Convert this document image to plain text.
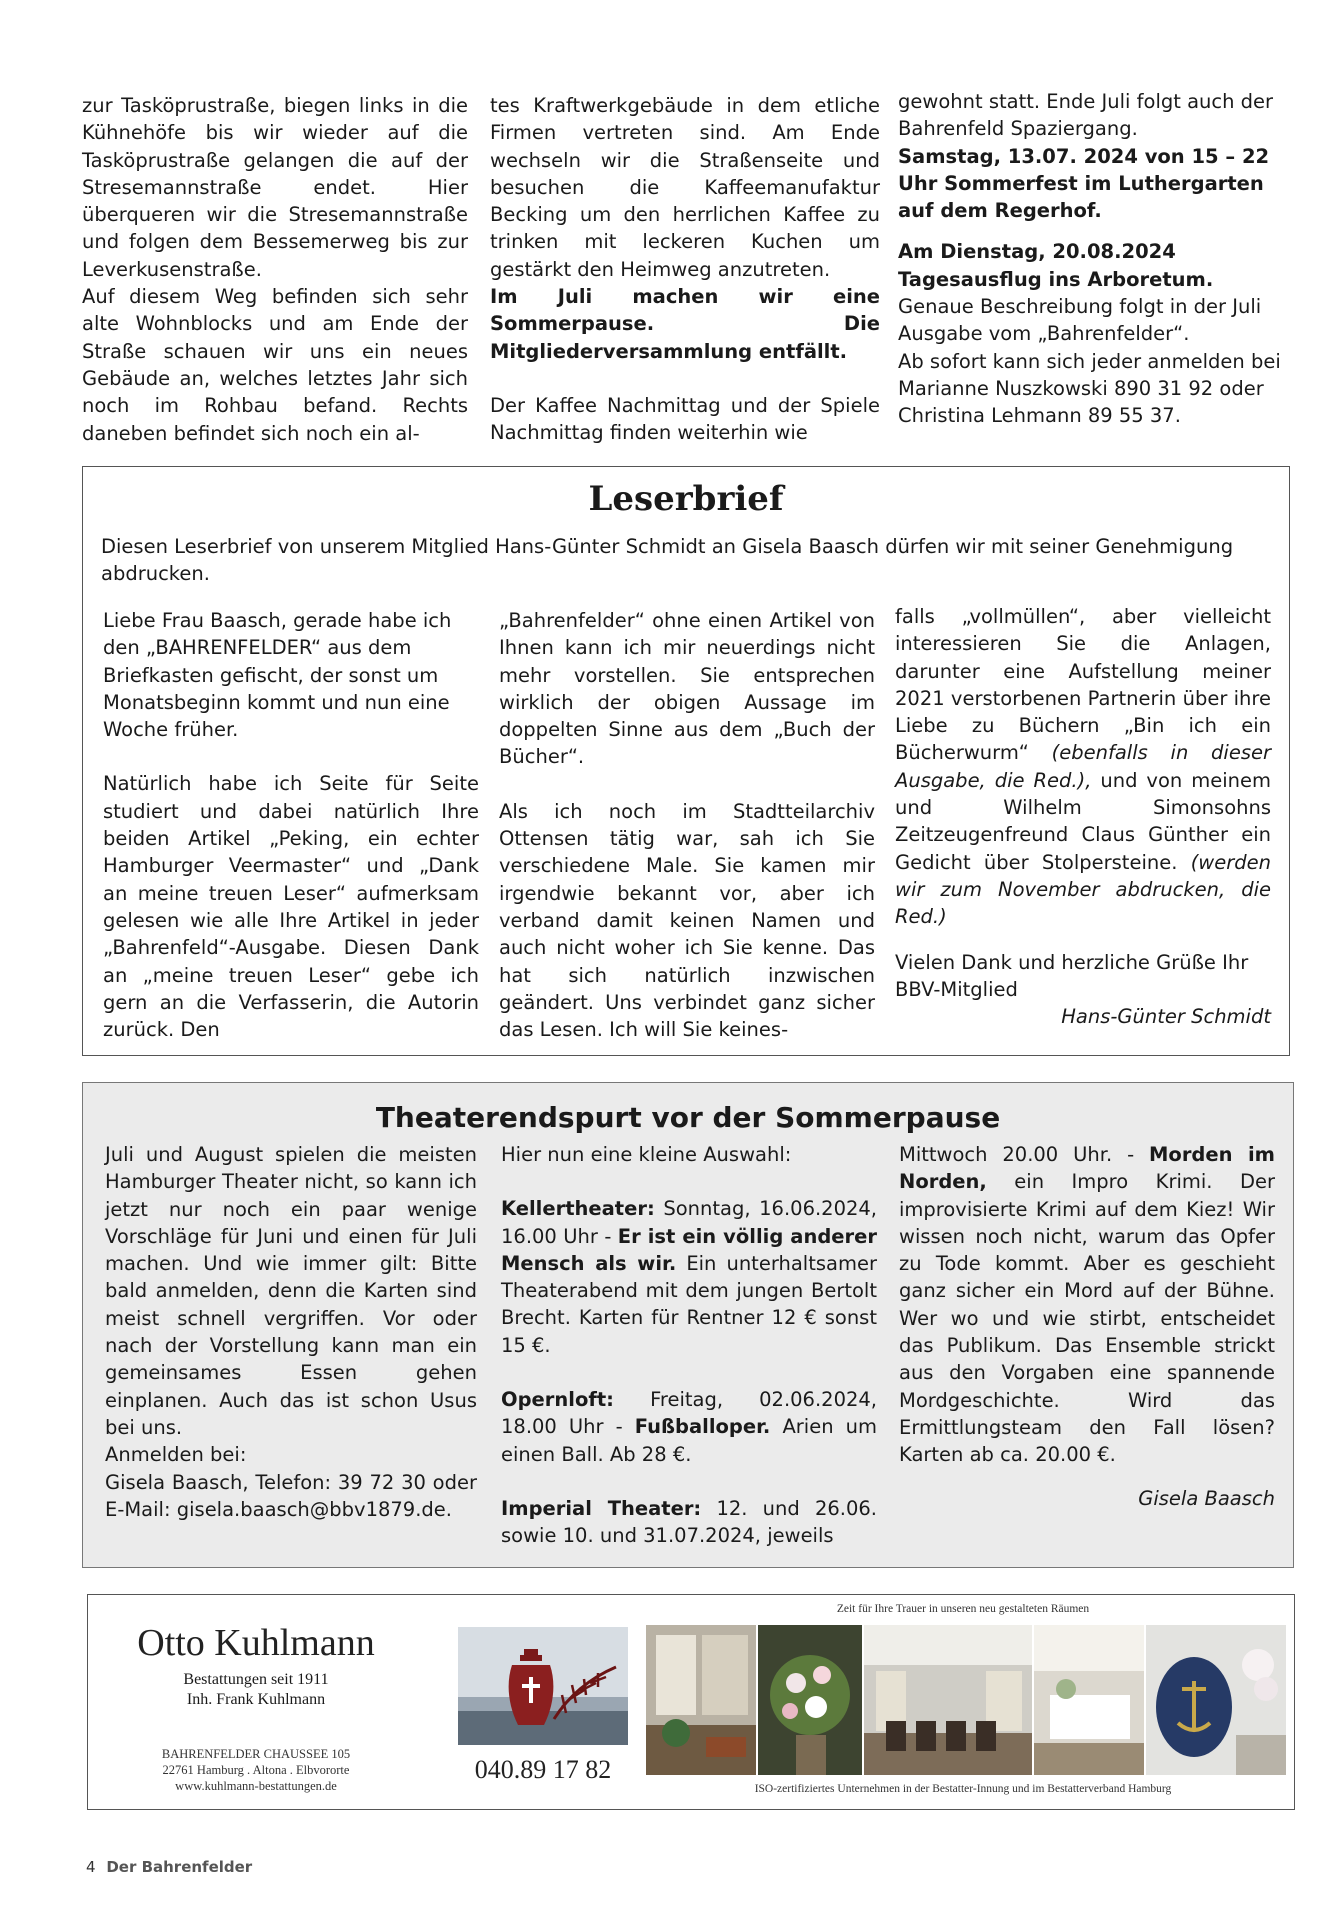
zur Tasköprustraße, biegen links in die Kühnehöfe bis wir wieder auf die Tasköprustraße gelangen die auf der Stresemannstraße endet. Hier überqueren wir die Stresemannstraße und folgen dem Bessemerweg bis zur Leverkusenstraße.

Auf diesem Weg befinden sich sehr alte Wohnblocks und am Ende der Straße schauen wir uns ein neues Gebäude an, welches letztes Jahr sich noch im Rohbau befand. Rechts daneben befindet sich noch ein al-

tes Kraftwerkgebäude in dem etliche Firmen vertreten sind. Am Ende wechseln wir die Straßenseite und besuchen die Kaffeemanufaktur Becking um den herrlichen Kaffee zu trinken mit leckeren Kuchen um gestärkt den Heimweg anzutreten.

Im Juli machen wir eine Sommerpause. Die Mitgliederversammlung entfällt.

Der Kaffee Nachmittag und der Spiele Nachmittag finden weiterhin wie

gewohnt statt. Ende Juli folgt auch der Bahrenfeld Spaziergang.

Samstag, 13.07. 2024 von 15 – 22 Uhr Sommerfest im Luthergarten auf dem Regerhof.

Am Dienstag, 20.08.2024 Tagesausflug ins Arboretum. Genaue Beschreibung folgt in der Juli Ausgabe vom „Bahrenfelder“.

Ab sofort kann sich jeder anmelden bei Marianne Nuszkowski 890 31 92 oder Christina Lehmann 89 55 37.

Leserbrief
Diesen Leserbrief von unserem Mitglied Hans-Günter Schmidt an Gisela Baasch dürfen wir mit seiner Genehmigung abdrucken.

Liebe Frau Baasch, gerade habe ich den „BAHRENFELDER“ aus dem Briefkasten gefischt, der sonst um Monatsbeginn kommt und nun eine Woche früher.

Natürlich habe ich Seite für Seite studiert und dabei natürlich Ihre beiden Artikel „Peking, ein echter Hamburger Veermaster“ und „Dank an meine treuen Leser“ aufmerksam gelesen wie alle Ihre Artikel in jeder „Bahrenfeld“-Ausgabe. Diesen Dank an „meine treuen Leser“ gebe ich gern an die Verfasserin, die Autorin zurück. Den

„Bahrenfelder“ ohne einen Artikel von Ihnen kann ich mir neuerdings nicht mehr vorstellen. Sie entsprechen wirklich der obigen Aussage im doppelten Sinne aus dem „Buch der Bücher“.

Als ich noch im Stadtteilarchiv Ottensen tätig war, sah ich Sie verschiedene Male. Sie kamen mir irgendwie bekannt vor, aber ich verband damit keinen Namen und auch nicht woher ich Sie kenne. Das hat sich natürlich inzwischen geändert. Uns verbindet ganz sicher das Lesen. Ich will Sie keines-

falls „vollmüllen“, aber vielleicht interessieren Sie die Anlagen, darunter eine Aufstellung meiner 2021 verstorbenen Partnerin über ihre Liebe zu Büchern „Bin ich ein Bücherwurm“ (ebenfalls in dieser Ausgabe, die Red.), und von meinem und Wilhelm Simonsohns Zeitzeugenfreund Claus Günther ein Gedicht über Stolpersteine. (werden wir zum November abdrucken, die Red.)

Vielen Dank und herzliche Grüße Ihr BBV-Mitglied

Hans-Günter Schmidt

Theaterendspurt vor der Sommerpause

Juli und August spielen die meisten Hamburger Theater nicht, so kann ich jetzt nur noch ein paar wenige Vorschläge für Juni und einen für Juli machen. Und wie immer gilt: Bitte bald anmelden, denn die Karten sind meist schnell vergriffen. Vor oder nach der Vorstellung kann man ein gemeinsames Essen gehen einplanen. Auch das ist schon Usus bei uns.

Anmelden bei:

Gisela Baasch, Telefon: 39 72 30 oder E-Mail: gisela.baasch@bbv1879.de.

Hier nun eine kleine Auswahl:

Kellertheater: Sonntag, 16.06.2024, 16.00 Uhr - Er ist ein völlig anderer Mensch als wir. Ein unterhaltsamer Theaterabend mit dem jungen Bertolt Brecht. Karten für Rentner 12 € sonst 15 €.

Opernloft: Freitag, 02.06.2024, 18.00 Uhr - Fußballoper. Arien um einen Ball. Ab 28 €.

Imperial Theater: 12. und 26.06. sowie 10. und 31.07.2024, jeweils

Mittwoch 20.00 Uhr. - Morden im Norden, ein Impro Krimi. Der improvisierte Krimi auf dem Kiez! Wir wissen noch nicht, warum das Opfer zu Tode kommt. Aber es geschieht ganz sicher ein Mord auf der Bühne. Wer wo und wie stirbt, entscheidet das Publikum. Das Ensemble strickt aus den Vorgaben eine spannende Mordgeschichte. Wird das Ermittlungsteam den Fall lösen? Karten ab ca. 20.00 €.

Gisela Baasch

Otto Kuhlmann
Bestattungen seit 1911
Inh. Frank Kuhlmann
BAHRENFELDER CHAUSSEE 105
22761 Hamburg . Altona . Elbvororte
www.kuhlmann-bestattungen.de
040.89 17 82
Zeit für Ihre Trauer in unseren neu gestalteten Räumen
ISO-zertifiziertes Unternehmen in der Bestatter-Innung und im Bestatterverband Hamburg
4 Der Bahrenfelder
